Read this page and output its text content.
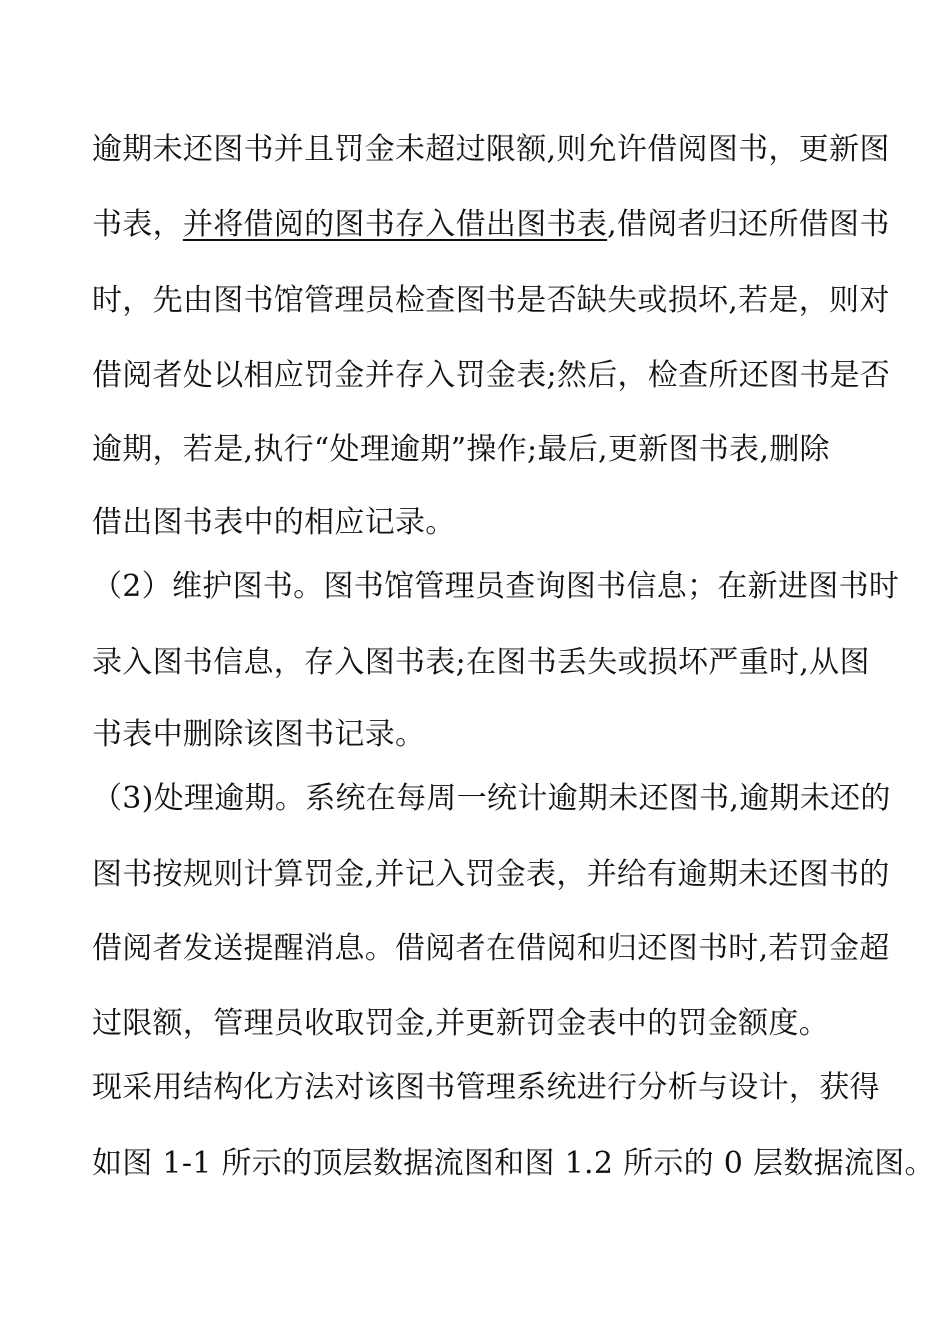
逾期未还图书并且罚金未超过限额,则允许借阅图书，更新图
书表，并将借阅的图书存入借出图书表,借阅者归还所借图书
时，先由图书馆管理员检查图书是否缺失或损坏,若是，则对
借阅者处以相应罚金并存入罚金表;然后，检查所还图书是否
逾期，若是,执行“处理逾期”操作;最后,更新图书表,删除
借出图书表中的相应记录。
（2）维护图书。图书馆管理员查询图书信息；在新进图书时
录入图书信息，存入图书表;在图书丢失或损坏严重时,从图
书表中删除该图书记录。
（3)处理逾期。系统在每周一统计逾期未还图书,逾期未还的
图书按规则计算罚金,并记入罚金表，并给有逾期未还图书的
借阅者发送提醒消息。借阅者在借阅和归还图书时,若罚金超
过限额，管理员收取罚金,并更新罚金表中的罚金额度。
现采用结构化方法对该图书管理系统进行分析与设计，获得
如图 1-1 所示的顶层数据流图和图 1.2 所示的 0 层数据流图。
